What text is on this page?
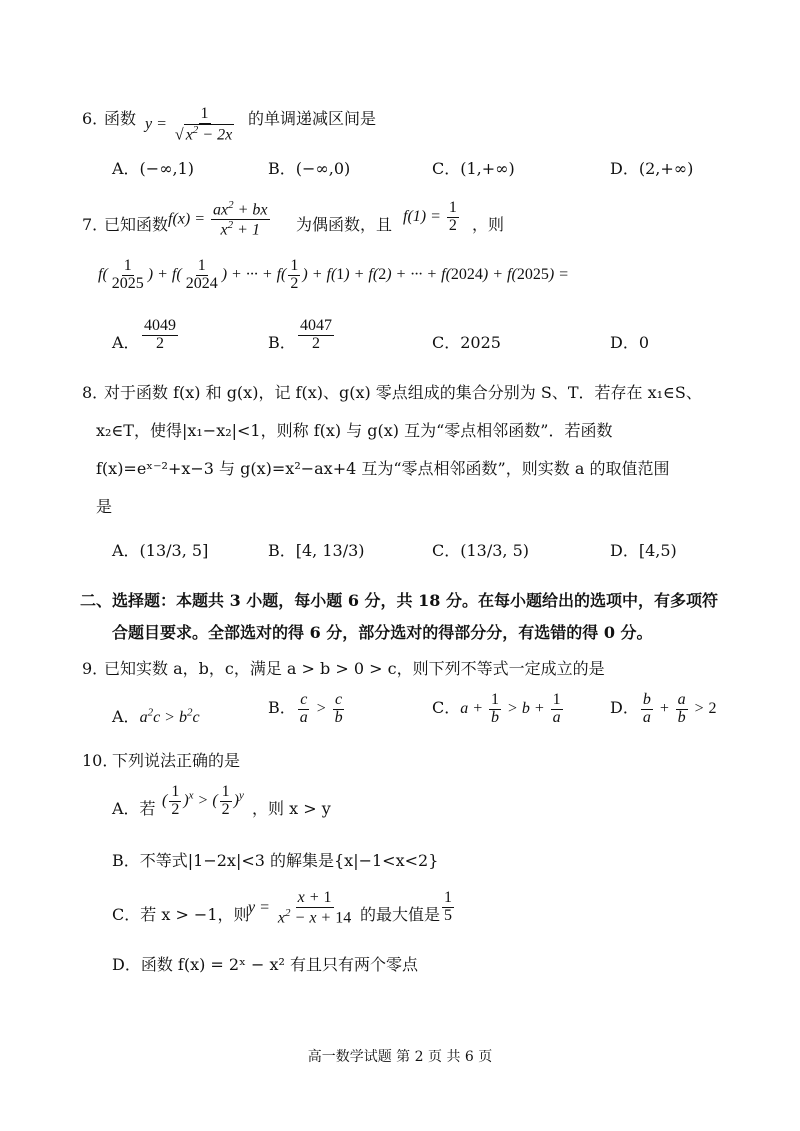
6．
函数 $y = \frac{1}{√ x^2 - 2x}$ 的单调递减区间是
A．(−∞,1)	B．(−∞,0)	C．(1,+∞)	D．(2,+∞)
7．
已知函数 $f(x) = \frac{ax^2 + bx}{x^2 + 1}$ 为偶函数，且 $f(1) = \frac{1}{2}$ ，则
$f( \frac{1}{2025}$ ) + $f( \frac{1}{2024}$ ) + ··· + $f( \frac{1}{2}$ ) + f(1) + f(2) + ··· + f(2024) + f(2025) =
A． $\frac{4049}{2}$	B． $\frac{4047}{2}$	C．2025	D．0
8．
对于函数 f(x) 和 g(x)，记 f(x)、g(x) 零点组成的集合分别为 S、T．若存在 x₁∈S、
x₂∈T，使得|x₁−x₂|<1，则称 f(x) 与 g(x) 互为“零点相邻函数”．若函数
f(x)=eˣ⁻²+x−3 与 g(x)=x²−ax+4 互为“零点相邻函数”，则实数 a 的取值范围
是
A．(13/3, 5]	B．[4, 13/3)	C．(13/3, 5)	D．[4,5)
二、选择题：本题共 3 小题，每小题 6 分，共 18 分。在每小题给出的选项中，有多项符
合题目要求。全部选对的得 6 分，部分选对的得部分分，有选错的得 0 分。
9．
已知实数 a，b，c，满足 a > b > 0 > c，则下列不等式一定成立的是
A．$a^2c > b^2c$
B． $\frac{c}{a} > \frac{c}{b}$	C．$a + \frac{1}{b} > b + \frac{1}{a}$	D． $\frac{b}{a} + \frac{a}{b} > 2$
10．
下列说法正确的是
A．若 ( $\frac{1}{2} )^x$ > ( $\frac{1}{2} )^y$
，则 x > y
B．不等式|1−2x|<3 的解集是{x|−1<x<2}
C．若 x > −1，则
$y = \frac{x + 1}{x^2 - x + 14}$ 的最大值是 $\frac{1}{5}$
D．函数 f(x) = 2ˣ − x² 有且只有两个零点
高一数学试题 第 2 页 共 6 页
